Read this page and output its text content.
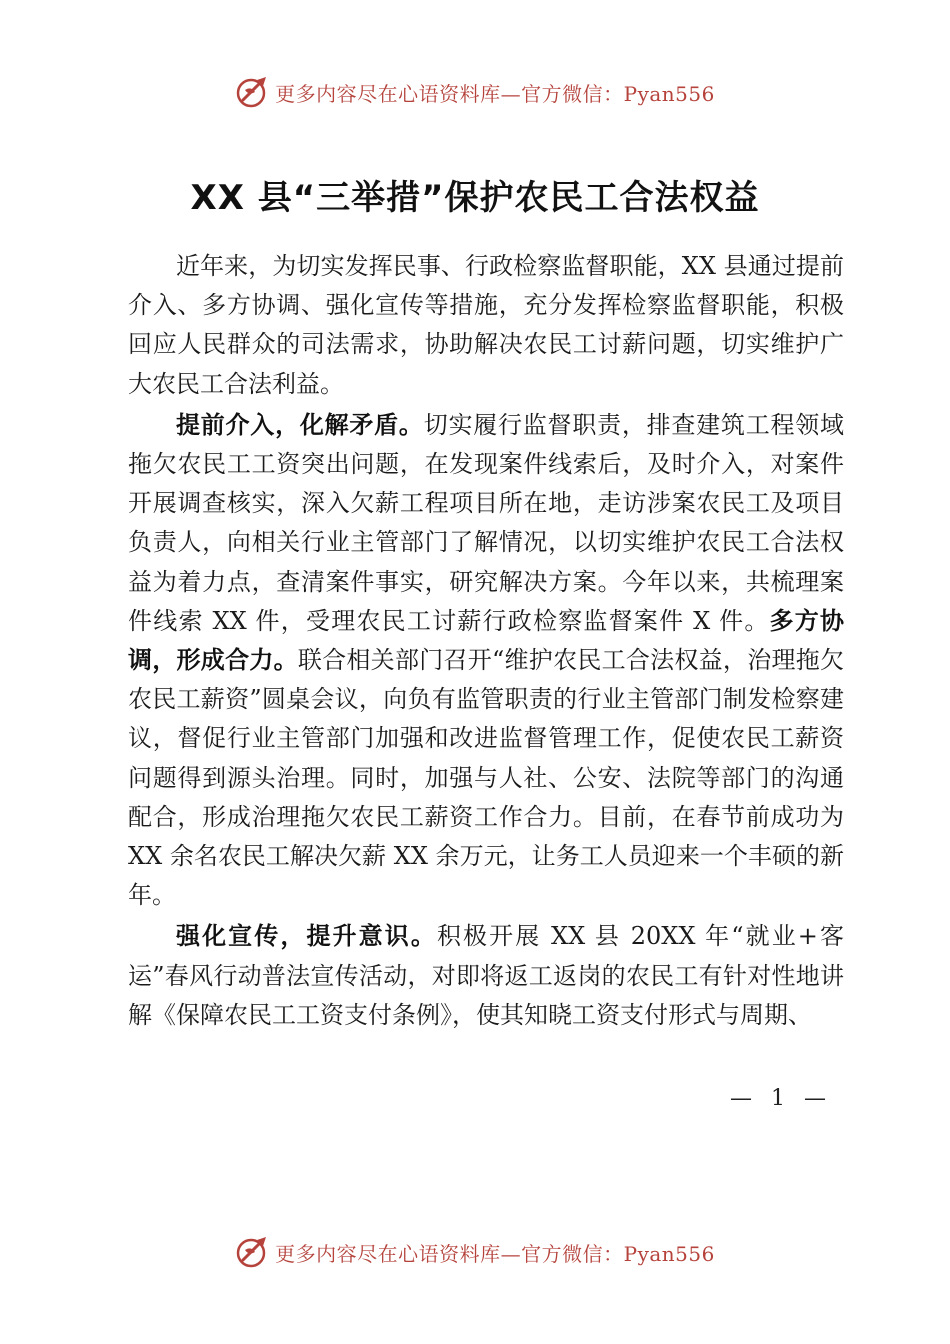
更多内容尽在心语资料库—官方微信：Pyan556
XX 县“三举措”保护农民工合法权益

近年来，为切实发挥民事、行政检察监督职能，XX 县通过提前介入、多方协调、强化宣传等措施，充分发挥检察监督职能，积极回应人民群众的司法需求，协助解决农民工讨薪问题，切实维护广大农民工合法利益。

提前介入，化解矛盾。切实履行监督职责，排查建筑工程领域拖欠农民工工资突出问题，在发现案件线索后，及时介入，对案件开展调查核实，深入欠薪工程项目所在地，走访涉案农民工及项目负责人，向相关行业主管部门了解情况，以切实维护农民工合法权益为着力点，查清案件事实，研究解决方案。今年以来，共梳理案件线索 XX 件，受理农民工讨薪行政检察监督案件 X 件。多方协调，形成合力。联合相关部门召开“维护农民工合法权益，治理拖欠农民工薪资”圆桌会议，向负有监管职责的行业主管部门制发检察建议，督促行业主管部门加强和改进监督管理工作，促使农民工薪资问题得到源头治理。同时，加强与人社、公安、法院等部门的沟通配合，形成治理拖欠农民工薪资工作合力。目前，在春节前成功为 XX 余名农民工解决欠薪 XX 余万元，让务工人员迎来一个丰硕的新年。

强化宣传，提升意识。积极开展 XX 县 20XX 年“就业+客运”春风行动普法宣传活动，对即将返工返岗的农民工有针对性地讲解《保障农民工工资支付条例》，使其知晓工资支付形式与周期、

— 1 —
更多内容尽在心语资料库—官方微信：Pyan556
